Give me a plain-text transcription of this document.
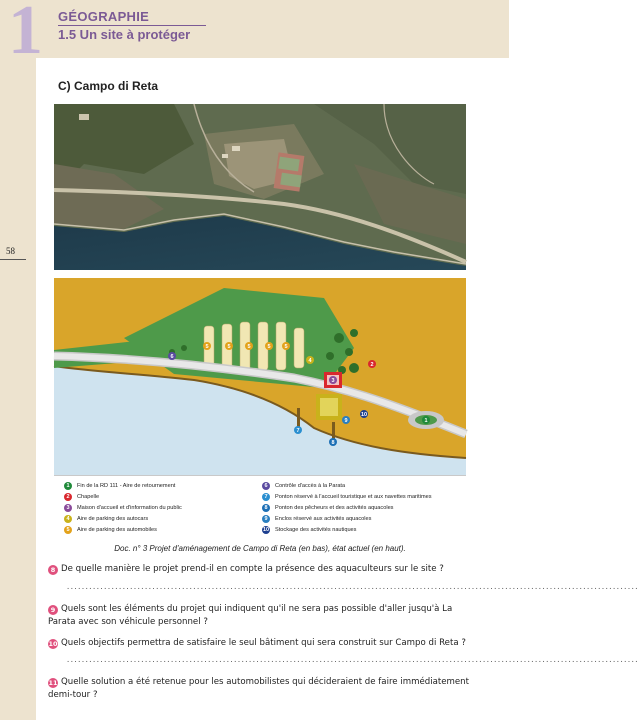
1 GÉOGRAPHIE
1.5 Un site à protéger
58
C) Campo di Reta
6
5	5	5	5	5
4
3
2
1
7
8
9
10
1	Fin de la RD 111 - Aire de retournement
2	Chapelle
3	Maison d'accueil et d'information du public
4	Aire de parking des autocars
5	Aire de parking des automobiles
6	Contrôle d'accès à la Parata
7	Ponton réservé à l'accueil touristique et aux navettes maritimes
8	Ponton des pêcheurs et des activités aquacoles
9	Enclos réservé aux activités aquacoles
10 Stockage des activités nautiques
Doc. n° 3 Projet d'aménagement de Campo di Reta (en bas), état actuel (en haut).
8 De quelle manière le projet prend-il en compte la présence des aquaculteurs sur le site ?
..........................................................................................................................................................
9 Quels sont les éléments du projet qui indiquent qu'il ne sera pas possible d'aller jusqu'à La Parata avec son véhicule personnel ?
10 Quels objectifs permettra de satisfaire le seul bâtiment qui sera construit sur Campo di Reta ?
..........................................................................................................................................................
11 Quelle solution a été retenue pour les automobilistes qui décideraient de faire immédiatement demi-tour ?
